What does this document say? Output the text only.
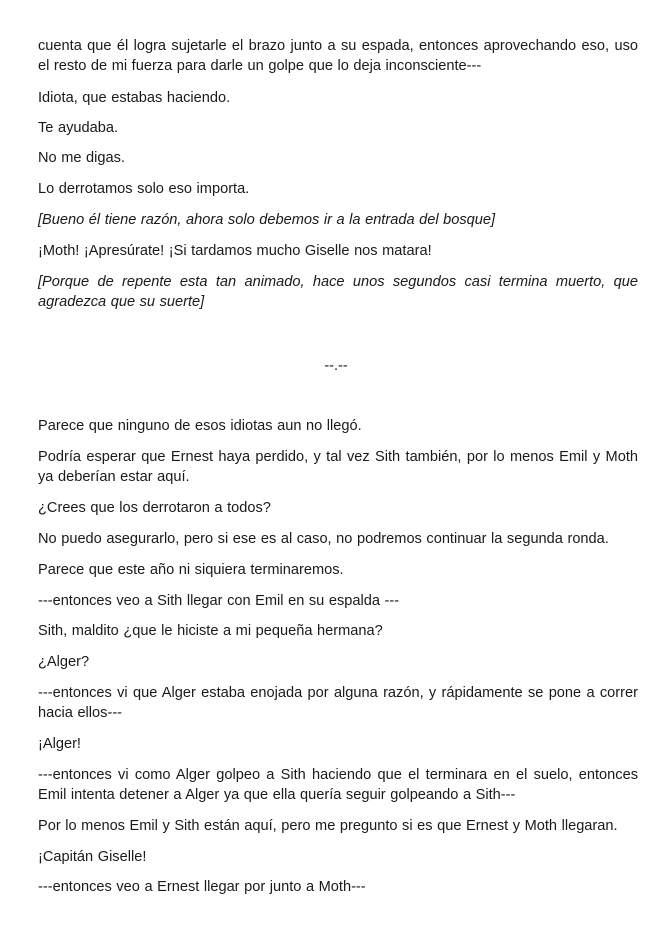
cuenta que él logra sujetarle el brazo junto a su espada, entonces aprovechando eso, uso el resto de mi fuerza para darle un golpe que lo deja inconsciente---
Idiota, que estabas haciendo.
Te ayudaba.
No me digas.
Lo derrotamos solo eso importa.
[Bueno él tiene razón, ahora solo debemos ir a la entrada del bosque]
¡Moth! ¡Apresúrate! ¡Si tardamos mucho Giselle nos matara!
[Porque de repente esta tan animado, hace unos segundos casi termina muerto, que agradezca que su suerte]
--.--
Parece que ninguno de esos idiotas aun no llegó.
Podría esperar que Ernest haya perdido, y tal vez Sith también, por lo menos Emil y Moth ya deberían estar aquí.
¿Crees que los derrotaron a todos?
No puedo asegurarlo, pero si ese es al caso, no podremos continuar la segunda ronda.
Parece que este año ni siquiera terminaremos.
---entonces veo a Sith llegar con Emil en su espalda ---
Sith, maldito ¿que le hiciste a mi pequeña hermana?
¿Alger?
---entonces vi que Alger estaba enojada por alguna razón, y rápidamente se pone a correr hacia ellos---
¡Alger!
---entonces vi como Alger golpeo a Sith haciendo que el terminara en el suelo, entonces Emil intenta detener a Alger ya que ella quería seguir golpeando a Sith---
Por lo menos Emil y Sith están aquí, pero me pregunto si es que Ernest y Moth llegaran.
¡Capitán Giselle!
---entonces veo a Ernest llegar por junto a Moth---
